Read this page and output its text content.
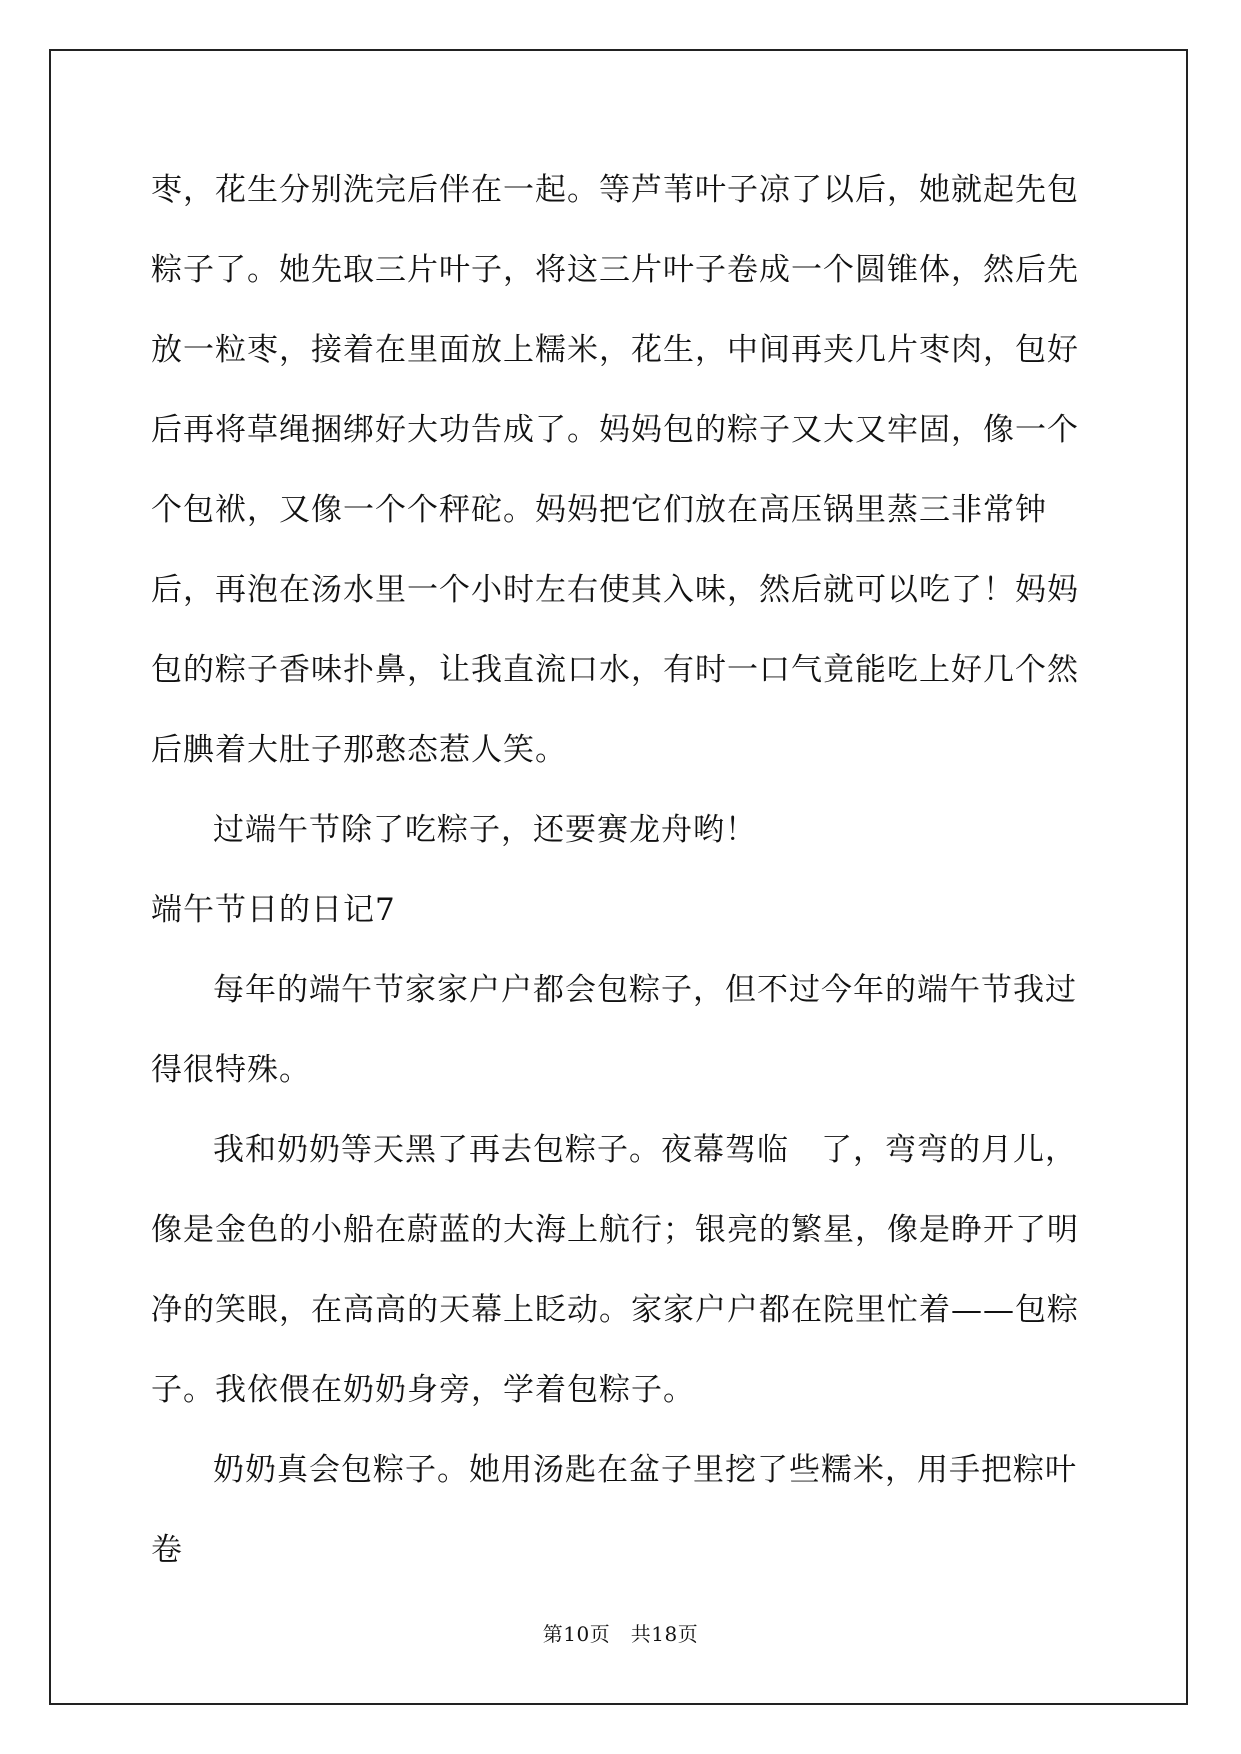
枣，花生分别洗完后伴在一起。等芦苇叶子凉了以后，她就起先包粽子了。她先取三片叶子，将这三片叶子卷成一个圆锥体，然后先放一粒枣，接着在里面放上糯米，花生，中间再夹几片枣肉，包好后再将草绳捆绑好大功告成了。妈妈包的粽子又大又牢固，像一个个包袱，又像一个个秤砣。妈妈把它们放在高压锅里蒸三非常钟后，再泡在汤水里一个小时左右使其入味，然后就可以吃了！妈妈包的粽子香味扑鼻，让我直流口水，有时一口气竟能吃上好几个然后腆着大肚子那憨态惹人笑。

过端午节除了吃粽子，还要赛龙舟哟！

端午节日的日记7

每年的端午节家家户户都会包粽子，但不过今年的端午节我过得很特殊。

我和奶奶等天黑了再去包粽子。夜幕驾临　了，弯弯的月儿，像是金色的小船在蔚蓝的大海上航行；银亮的繁星，像是睁开了明净的笑眼，在高高的天幕上眨动。家家户户都在院里忙着——包粽子。我依偎在奶奶身旁，学着包粽子。

奶奶真会包粽子。她用汤匙在盆子里挖了些糯米，用手把粽叶卷

第10页　共18页
